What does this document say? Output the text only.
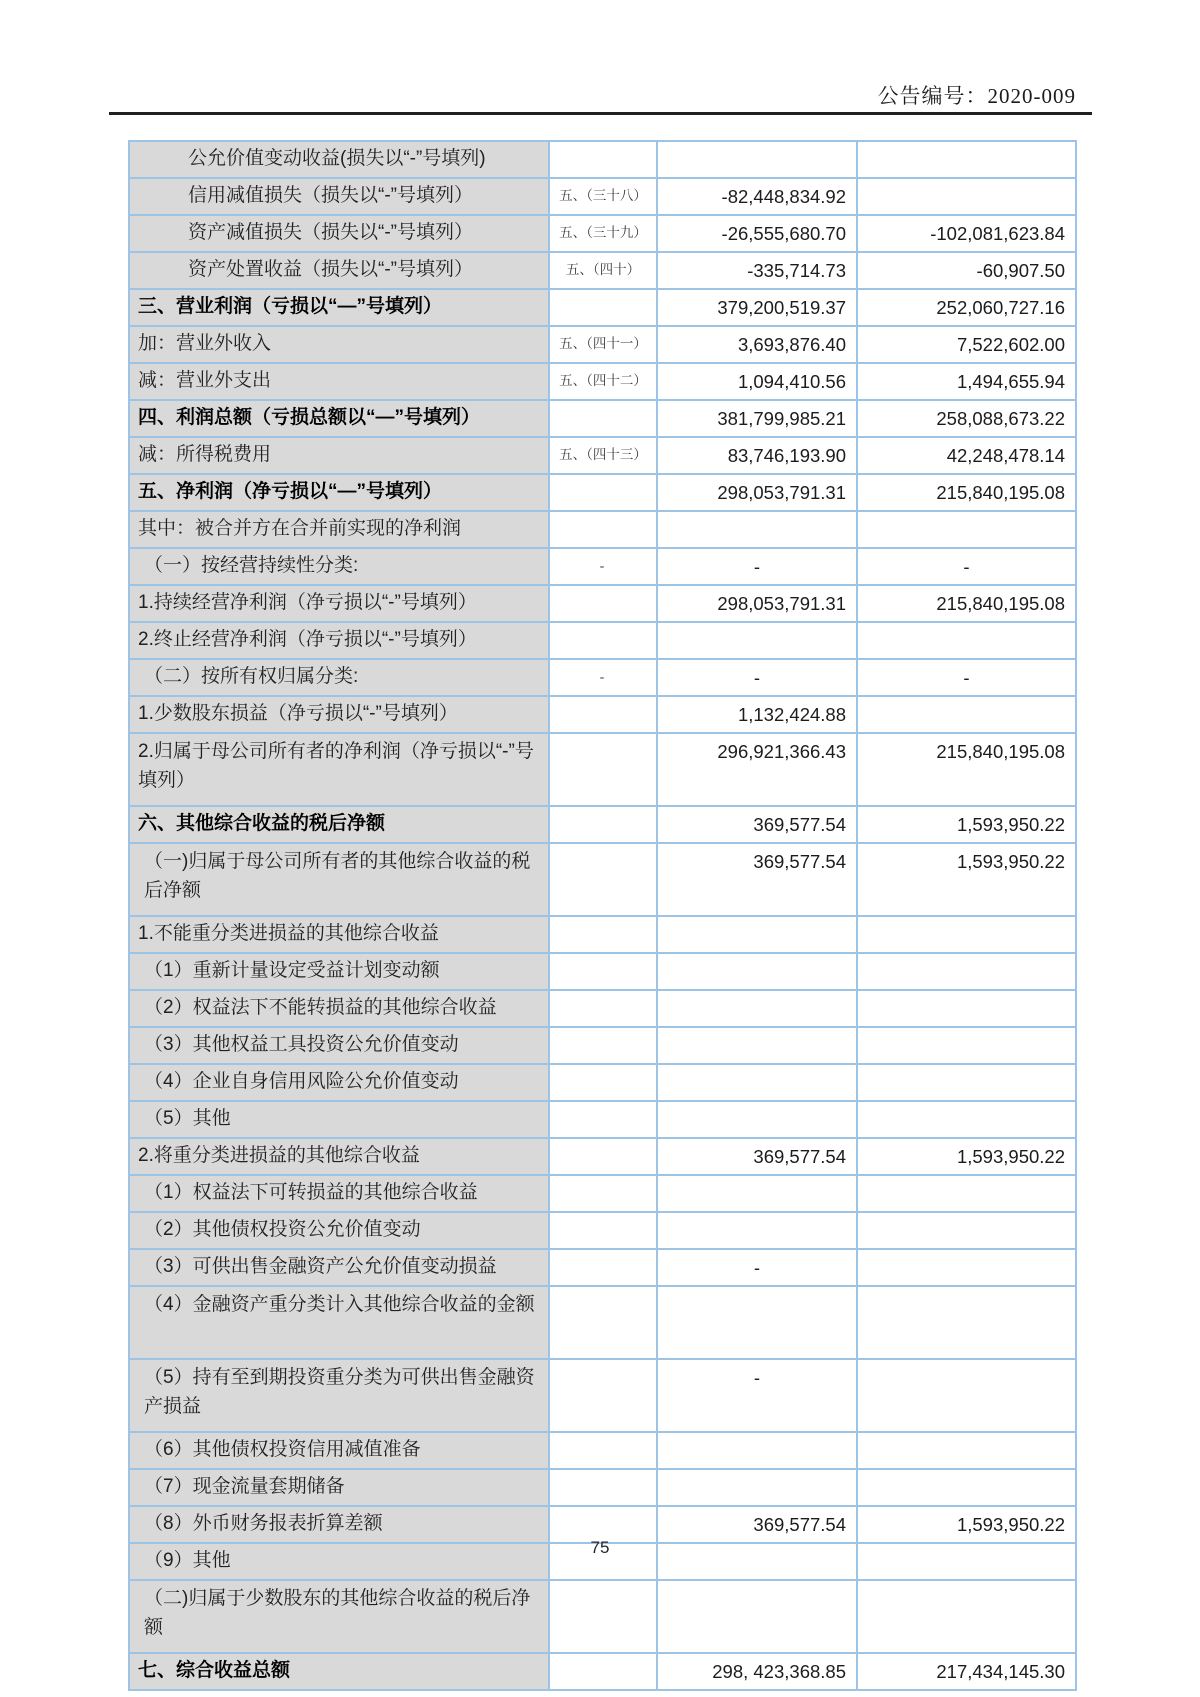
公告编号：2020-009
公允价值变动收益(损失以“-”号填列)			
信用减值损失（损失以“-”号填列）	五、（三十八）	-82,448,834.92	
资产减值损失（损失以“-”号填列）	五、（三十九）	-26,555,680.70	-102,081,623.84
资产处置收益（损失以“-”号填列）	五、（四十）	-335,714.73	-60,907.50
三、营业利润（亏损以“—”号填列）		379,200,519.37	252,060,727.16
加：营业外收入	五、（四十一）	3,693,876.40	7,522,602.00
减：营业外支出	五、（四十二）	1,094,410.56	1,494,655.94
四、利润总额（亏损总额以“—”号填列）		381,799,985.21	258,088,673.22
减：所得税费用	五、（四十三）	83,746,193.90	42,248,478.14
五、净利润（净亏损以“—”号填列）		298,053,791.31	215,840,195.08
其中：被合并方在合并前实现的净利润			
（一）按经营持续性分类:	-	-	-
1.持续经营净利润（净亏损以“-”号填列）		298,053,791.31	215,840,195.08
2.终止经营净利润（净亏损以“-”号填列）			
（二）按所有权归属分类:	-	-	-
1.少数股东损益（净亏损以“-”号填列）		1,132,424.88	
2.归属于母公司所有者的净利润（净亏损以“-”号填列）		296,921,366.43	215,840,195.08
六、其他综合收益的税后净额		369,577.54	1,593,950.22
（一)归属于母公司所有者的其他综合收益的税后净额		369,577.54	1,593,950.22
1.不能重分类进损益的其他综合收益			
（1）重新计量设定受益计划变动额			
（2）权益法下不能转损益的其他综合收益			
（3）其他权益工具投资公允价值变动			
（4）企业自身信用风险公允价值变动			
（5）其他			
2.将重分类进损益的其他综合收益		369,577.54	1,593,950.22
（1）权益法下可转损益的其他综合收益			
（2）其他债权投资公允价值变动			
（3）可供出售金融资产公允价值变动损益		-	
（4）金融资产重分类计入其他综合收益的金额			
（5）持有至到期投资重分类为可供出售金融资产损益		-	
（6）其他债权投资信用减值准备			
（7）现金流量套期储备			
（8）外币财务报表折算差额		369,577.54	1,593,950.22
（9）其他			
（二)归属于少数股东的其他综合收益的税后净额			
七、综合收益总额		298, 423,368.85	217,434,145.30
75
